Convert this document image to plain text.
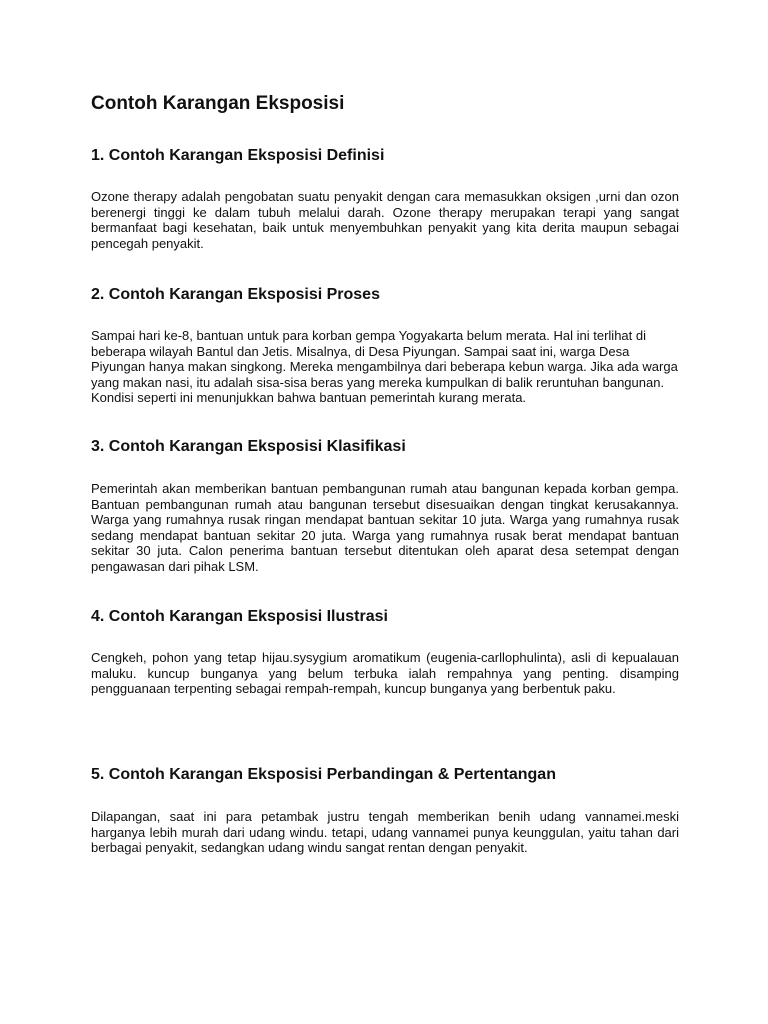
Contoh Karangan Eksposisi
1. Contoh Karangan Eksposisi Definisi

Ozone therapy adalah pengobatan suatu penyakit dengan cara memasukkan oksigen ,urni dan ozon berenergi tinggi ke dalam tubuh melalui darah. Ozone therapy merupakan terapi yang sangat bermanfaat bagi kesehatan, baik untuk menyembuhkan penyakit yang kita derita maupun sebagai pencegah penyakit.

2. Contoh Karangan Eksposisi Proses

Sampai hari ke-8, bantuan untuk para korban gempa Yogyakarta belum merata. Hal ini terlihat di beberapa wilayah Bantul dan Jetis. Misalnya, di Desa Piyungan. Sampai saat ini, warga Desa Piyungan hanya makan singkong. Mereka mengambilnya dari beberapa kebun warga. Jika ada warga yang makan nasi, itu adalah sisa-sisa beras yang mereka kumpulkan di balik reruntuhan bangunan. Kondisi seperti ini menunjukkan bahwa bantuan pemerintah kurang merata.

3. Contoh Karangan Eksposisi Klasifikasi

Pemerintah akan memberikan bantuan pembangunan rumah atau bangunan kepada korban gempa. Bantuan pembangunan rumah atau bangunan tersebut disesuaikan dengan tingkat kerusakannya. Warga yang rumahnya rusak ringan mendapat bantuan sekitar 10 juta. Warga yang rumahnya rusak sedang mendapat bantuan sekitar 20 juta. Warga yang rumahnya rusak berat mendapat bantuan sekitar 30 juta. Calon penerima bantuan tersebut ditentukan oleh aparat desa setempat dengan pengawasan dari pihak LSM.

4. Contoh Karangan Eksposisi Ilustrasi

Cengkeh, pohon yang tetap hijau.sysygium aromatikum (eugenia-carllophulinta), asli di kepualauan maluku. kuncup bunganya yang belum terbuka ialah rempahnya yang penting. disamping pengguanaan terpenting sebagai rempah-rempah, kuncup bunganya yang berbentuk paku.

5. Contoh Karangan Eksposisi Perbandingan & Pertentangan

Dilapangan, saat ini para petambak justru tengah memberikan benih udang vannamei.meski harganya lebih murah dari udang windu. tetapi, udang vannamei punya keunggulan, yaitu tahan dari berbagai penyakit, sedangkan udang windu sangat rentan dengan penyakit.
